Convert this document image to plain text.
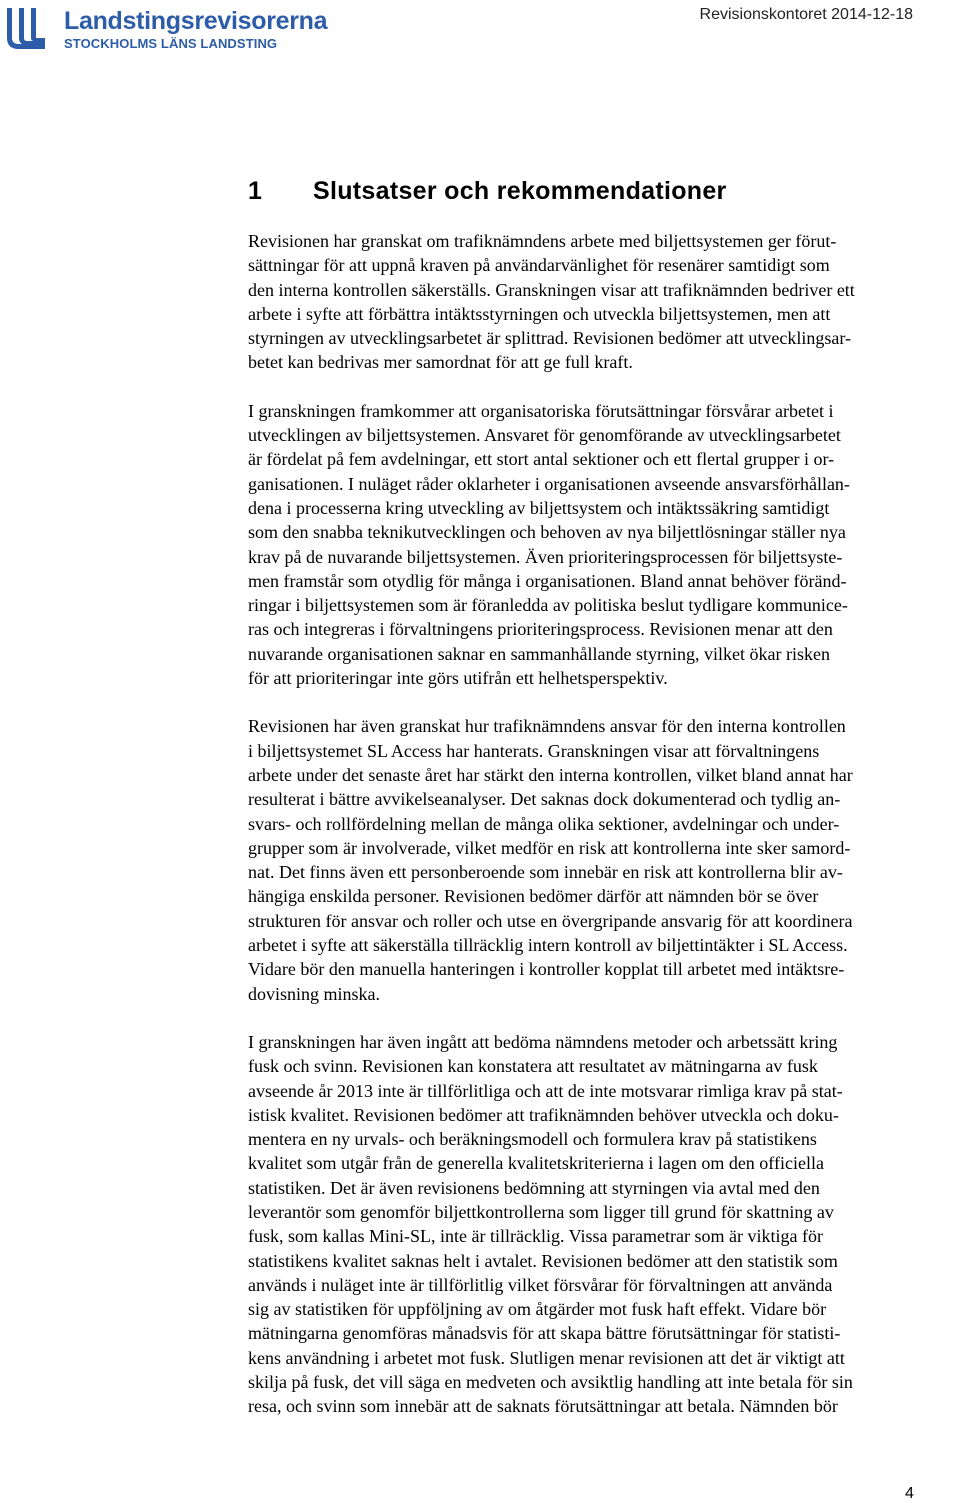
Landstingsrevisorerna
STOCKHOLMS LÄNS LANDSTING
Revisionskontoret 2014-12-18
1 Slutsatser och rekommendationer

Revisionen har granskat om trafiknämndens arbete med biljettsystemen ger förut-
sättningar för att uppnå kraven på användarvänlighet för resenärer samtidigt som
den interna kontrollen säkerställs. Granskningen visar att trafiknämnden bedriver ett
arbete i syfte att förbättra intäktsstyrningen och utveckla biljettsystemen, men att
styrningen av utvecklingsarbetet är splittrad. Revisionen bedömer att utvecklingsar-
betet kan bedrivas mer samordnat för att ge full kraft.

I granskningen framkommer att organisatoriska förutsättningar försvårar arbetet i
utvecklingen av biljettsystemen. Ansvaret för genomförande av utvecklingsarbetet
är fördelat på fem avdelningar, ett stort antal sektioner och ett flertal grupper i or-
ganisationen. I nuläget råder oklarheter i organisationen avseende ansvarsförhållan-
dena i processerna kring utveckling av biljettsystem och intäktssäkring samtidigt
som den snabba teknikutvecklingen och behoven av nya biljettlösningar ställer nya
krav på de nuvarande biljettsystemen. Även prioriteringsprocessen för biljettsyste-
men framstår som otydlig för många i organisationen. Bland annat behöver föränd-
ringar i biljettsystemen som är föranledda av politiska beslut tydligare kommunice-
ras och integreras i förvaltningens prioriteringsprocess. Revisionen menar att den
nuvarande organisationen saknar en sammanhållande styrning, vilket ökar risken
för att prioriteringar inte görs utifrån ett helhetsperspektiv.

Revisionen har även granskat hur trafiknämndens ansvar för den interna kontrollen
i biljettsystemet SL Access har hanterats. Granskningen visar att förvaltningens
arbete under det senaste året har stärkt den interna kontrollen, vilket bland annat har
resulterat i bättre avvikelseanalyser. Det saknas dock dokumenterad och tydlig an-
svars- och rollfördelning mellan de många olika sektioner, avdelningar och under-
grupper som är involverade, vilket medför en risk att kontrollerna inte sker samord-
nat. Det finns även ett personberoende som innebär en risk att kontrollerna blir av-
hängiga enskilda personer. Revisionen bedömer därför att nämnden bör se över
strukturen för ansvar och roller och utse en övergripande ansvarig för att koordinera
arbetet i syfte att säkerställa tillräcklig intern kontroll av biljettintäkter i SL Access.
Vidare bör den manuella hanteringen i kontroller kopplat till arbetet med intäktsre-
dovisning minska.

I granskningen har även ingått att bedöma nämndens metoder och arbetssätt kring
fusk och svinn. Revisionen kan konstatera att resultatet av mätningarna av fusk
avseende år 2013 inte är tillförlitliga och att de inte motsvarar rimliga krav på stat-
istisk kvalitet. Revisionen bedömer att trafiknämnden behöver utveckla och doku-
mentera en ny urvals- och beräkningsmodell och formulera krav på statistikens
kvalitet som utgår från de generella kvalitetskriterierna i lagen om den officiella
statistiken. Det är även revisionens bedömning att styrningen via avtal med den
leverantör som genomför biljettkontrollerna som ligger till grund för skattning av
fusk, som kallas Mini-SL, inte är tillräcklig. Vissa parametrar som är viktiga för
statistikens kvalitet saknas helt i avtalet. Revisionen bedömer att den statistik som
används i nuläget inte är tillförlitlig vilket försvårar för förvaltningen att använda
sig av statistiken för uppföljning av om åtgärder mot fusk haft effekt. Vidare bör
mätningarna genomföras månadsvis för att skapa bättre förutsättningar för statisti-
kens användning i arbetet mot fusk. Slutligen menar revisionen att det är viktigt att
skilja på fusk, det vill säga en medveten och avsiktlig handling att inte betala för sin
resa, och svinn som innebär att de saknats förutsättningar att betala. Nämnden bör

4
